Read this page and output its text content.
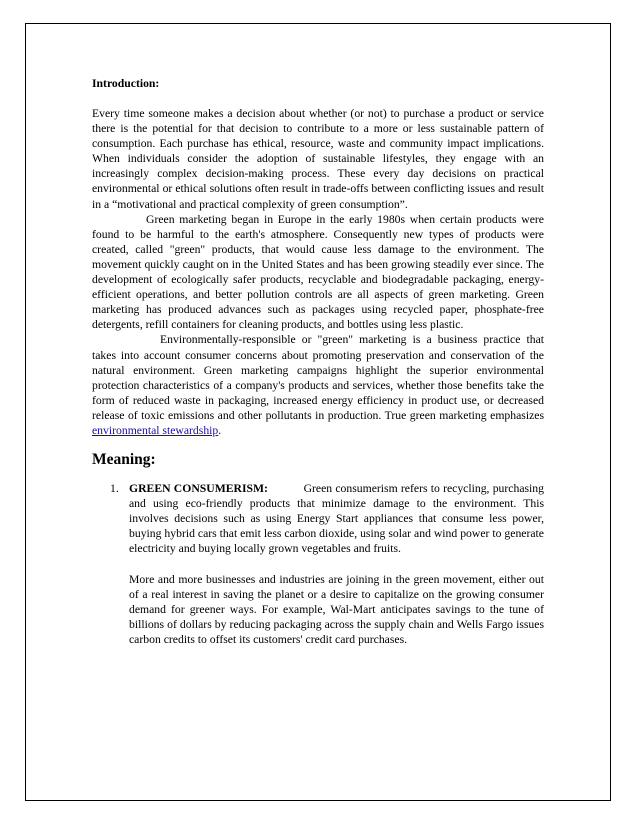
Introduction:

Every time someone makes a decision about whether (or not) to purchase a product or service there is the potential for that decision to contribute to a more or less sustainable pattern of consumption. Each purchase has ethical, resource, waste and community impact implications. When individuals consider the adoption of sustainable lifestyles, they engage with an increasingly complex decision-making process. These every day decisions on practical environmental or ethical solutions often result in trade-offs between conflicting issues and result in a “motivational and practical complexity of green consumption”.

Green marketing began in Europe in the early 1980s when certain products were found to be harmful to the earth's atmosphere. Consequently new types of products were created, called "green" products, that would cause less damage to the environment. The movement quickly caught on in the United States and has been growing steadily ever since. The development of ecologically safer products, recyclable and biodegradable packaging, energy-efficient operations, and better pollution controls are all aspects of green marketing. Green marketing has produced advances such as packages using recycled paper, phosphate-free detergents, refill containers for cleaning products, and bottles using less plastic.

Environmentally-responsible or "green" marketing is a business practice that takes into account consumer concerns about promoting preservation and conservation of the natural environment. Green marketing campaigns highlight the superior environmental protection characteristics of a company's products and services, whether those benefits take the form of reduced waste in packaging, increased energy efficiency in product use, or decreased release of toxic emissions and other pollutants in production. True green marketing emphasizes environmental stewardship.

Meaning:
1. GREEN CONSUMERISM:	Green consumerism refers to recycling, purchasing and using eco-friendly products that minimize damage to the environment. This involves decisions such as using Energy Start appliances that consume less power, buying hybrid cars that emit less carbon dioxide, using solar and wind power to generate electricity and buying locally grown vegetables and fruits.

More and more businesses and industries are joining in the green movement, either out of a real interest in saving the planet or a desire to capitalize on the growing consumer demand for greener ways. For example, Wal-Mart anticipates savings to the tune of billions of dollars by reducing packaging across the supply chain and Wells Fargo issues carbon credits to offset its customers' credit card purchases.
